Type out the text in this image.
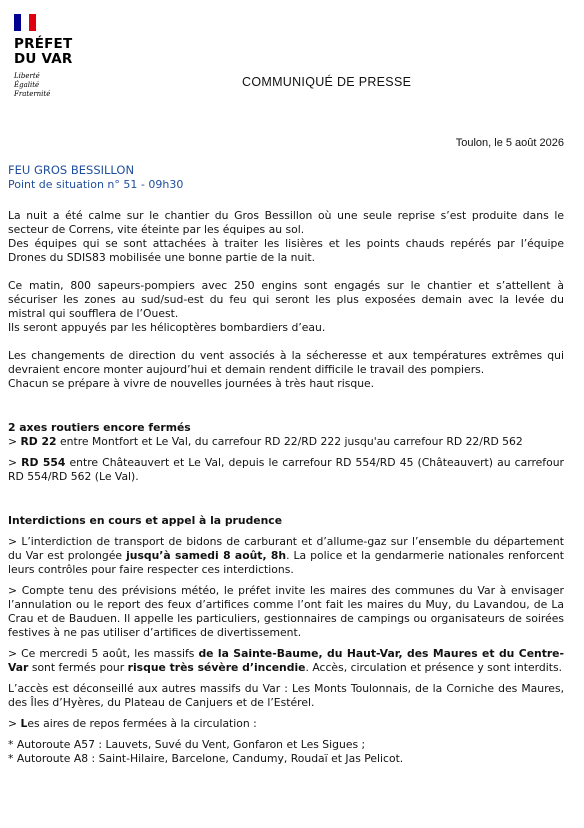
PRÉFET
DU VAR
Liberté
Égalité
Fraternité
COMMUNIQUÉ DE PRESSE
Toulon, le 5 août 2026
FEU GROS BESSILLON
Point de situation n° 51 - 09h30

La nuit a été calme sur le chantier du Gros Bessillon où une seule reprise s’est produite dans le secteur de Correns, vite éteinte par les équipes au sol.

Des équipes qui se sont attachées à traiter les lisières et les points chauds repérés par l’équipe Drones du SDIS83 mobilisée une bonne partie de la nuit.

Ce matin, 800 sapeurs-pompiers avec 250 engins sont engagés sur le chantier et s’attellent à sécuriser les zones au sud/sud-est du feu qui seront les plus exposées demain avec la levée du mistral qui soufflera de l’Ouest.

Ils seront appuyés par les hélicoptères bombardiers d’eau.

Les changements de direction du vent associés à la sécheresse et aux températures extrêmes qui devraient encore monter aujourd’hui et demain rendent difficile le travail des pompiers.

Chacun se prépare à vivre de nouvelles journées à très haut risque.

2 axes routiers encore fermés

> RD 22 entre Montfort et Le Val, du carrefour RD 22/RD 222 jusqu'au carrefour RD 22/RD 562

> RD 554 entre Châteauvert et Le Val, depuis le carrefour RD 554/RD 45 (Châteauvert) au carrefour RD 554/RD 562 (Le Val).

Interdictions en cours et appel à la prudence

> L’interdiction de transport de bidons de carburant et d’allume-gaz sur l’ensemble du département du Var est prolongée jusqu’à samedi 8 août, 8h. La police et la gendarmerie nationales renforcent leurs contrôles pour faire respecter ces interdictions.

> Compte tenu des prévisions météo, le préfet invite les maires des communes du Var à envisager l’annulation ou le report des feux d’artifices comme l’ont fait les maires du Muy, du Lavandou, de La Crau et de Bauduen. Il appelle les particuliers, gestionnaires de campings ou organisateurs de soirées festives à ne pas utiliser d’artifices de divertissement.

> Ce mercredi 5 août, les massifs de la Sainte-Baume, du Haut-Var, des Maures et du Centre-Var sont fermés pour risque très sévère d’incendie. Accès, circulation et présence y sont interdits.

L’accès est déconseillé aux autres massifs du Var : Les Monts Toulonnais, de la Corniche des Maures, des Îles d’Hyères, du Plateau de Canjuers et de l’Estérel.

> Les aires de repos fermées à la circulation :

* Autoroute A57 : Lauvets, Suvé du Vent, Gonfaron et Les Sigues ;

* Autoroute A8 : Saint-Hilaire, Barcelone, Candumy, Roudaï et Jas Pelicot.
